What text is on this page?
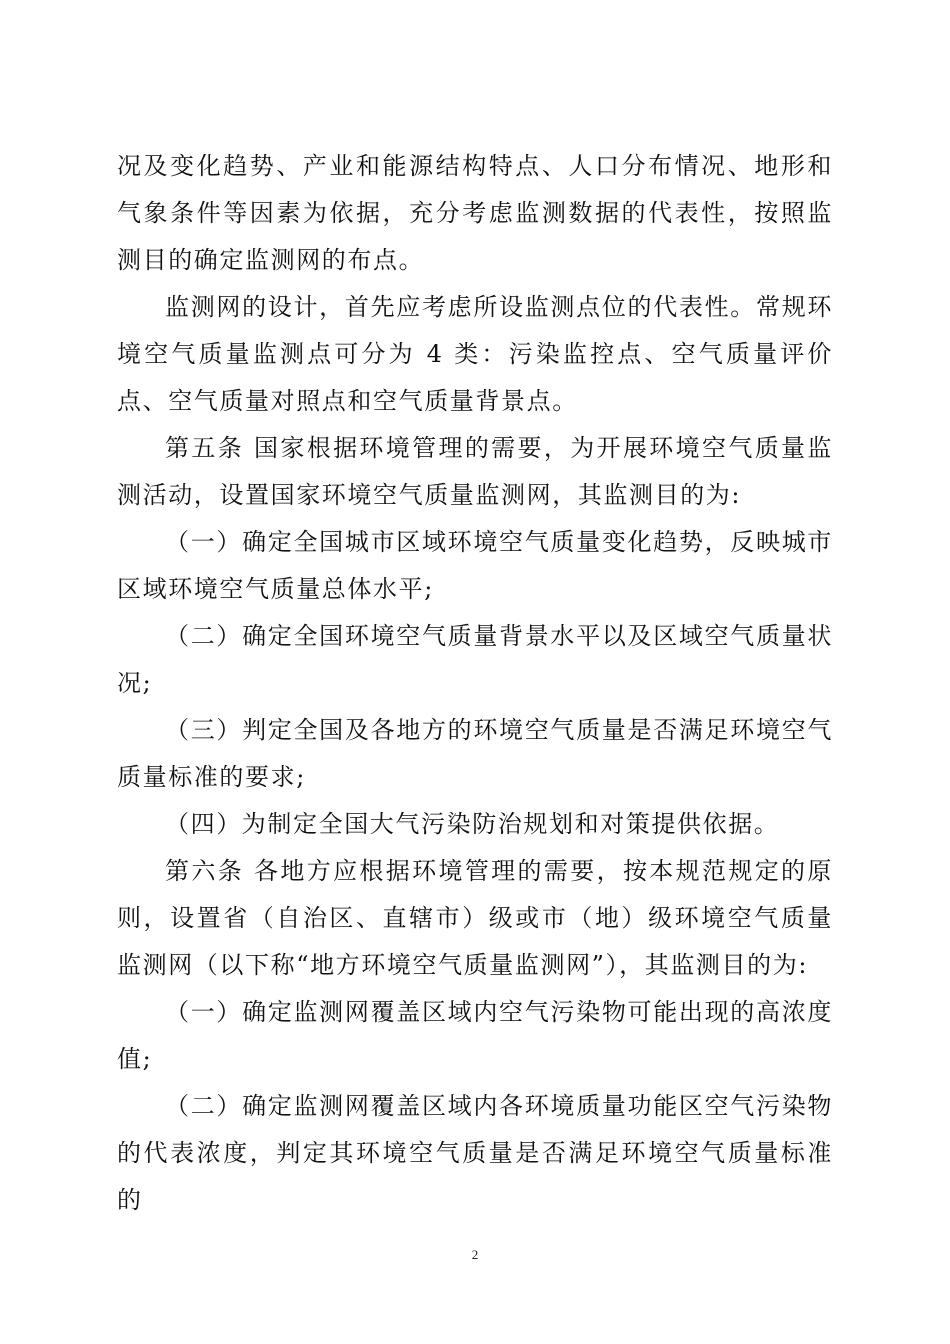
况及变化趋势、产业和能源结构特点、人口分布情况、地形和气象条件等因素为依据，充分考虑监测数据的代表性，按照监测目的确定监测网的布点。

监测网的设计，首先应考虑所设监测点位的代表性。常规环境空气质量监测点可分为 4 类：污染监控点、空气质量评价点、空气质量对照点和空气质量背景点。

第五条 国家根据环境管理的需要，为开展环境空气质量监测活动，设置国家环境空气质量监测网，其监测目的为:

（一）确定全国城市区域环境空气质量变化趋势，反映城市区域环境空气质量总体水平;

（二）确定全国环境空气质量背景水平以及区域空气质量状况;

（三）判定全国及各地方的环境空气质量是否满足环境空气质量标准的要求;

（四）为制定全国大气污染防治规划和对策提供依据。

第六条 各地方应根据环境管理的需要，按本规范规定的原则，设置省（自治区、直辖市）级或市（地）级环境空气质量监测网（以下称“地方环境空气质量监测网”），其监测目的为:

（一）确定监测网覆盖区域内空气污染物可能出现的高浓度值;

（二）确定监测网覆盖区域内各环境质量功能区空气污染物的代表浓度，判定其环境空气质量是否满足环境空气质量标准的

2
